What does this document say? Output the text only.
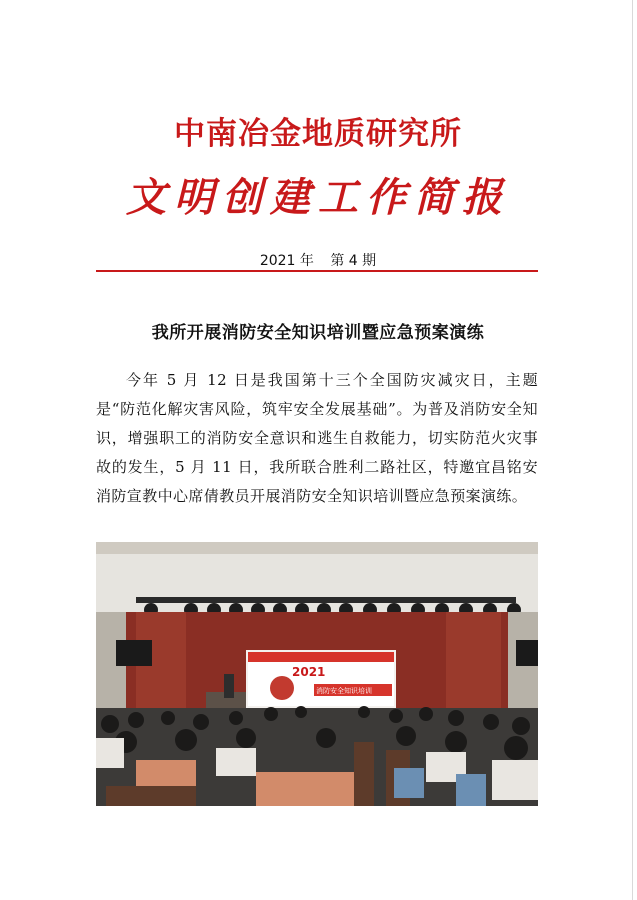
中南冶金地质研究所
文明创建工作简报
2021 年 第 4 期
我所开展消防安全知识培训暨应急预案演练
今年 5 月 12 日是我国第十三个全国防灾减灾日，主题是“防范化解灾害风险，筑牢安全发展基础”。为普及消防安全知识，增强职工的消防安全意识和逃生自救能力，切实防范火灾事故的发生，5 月 11 日，我所联合胜利二路社区，特邀宜昌铭安消防宣教中心席倩教员开展消防安全知识培训暨应急预案演练。
2021
消防安全知识培训
